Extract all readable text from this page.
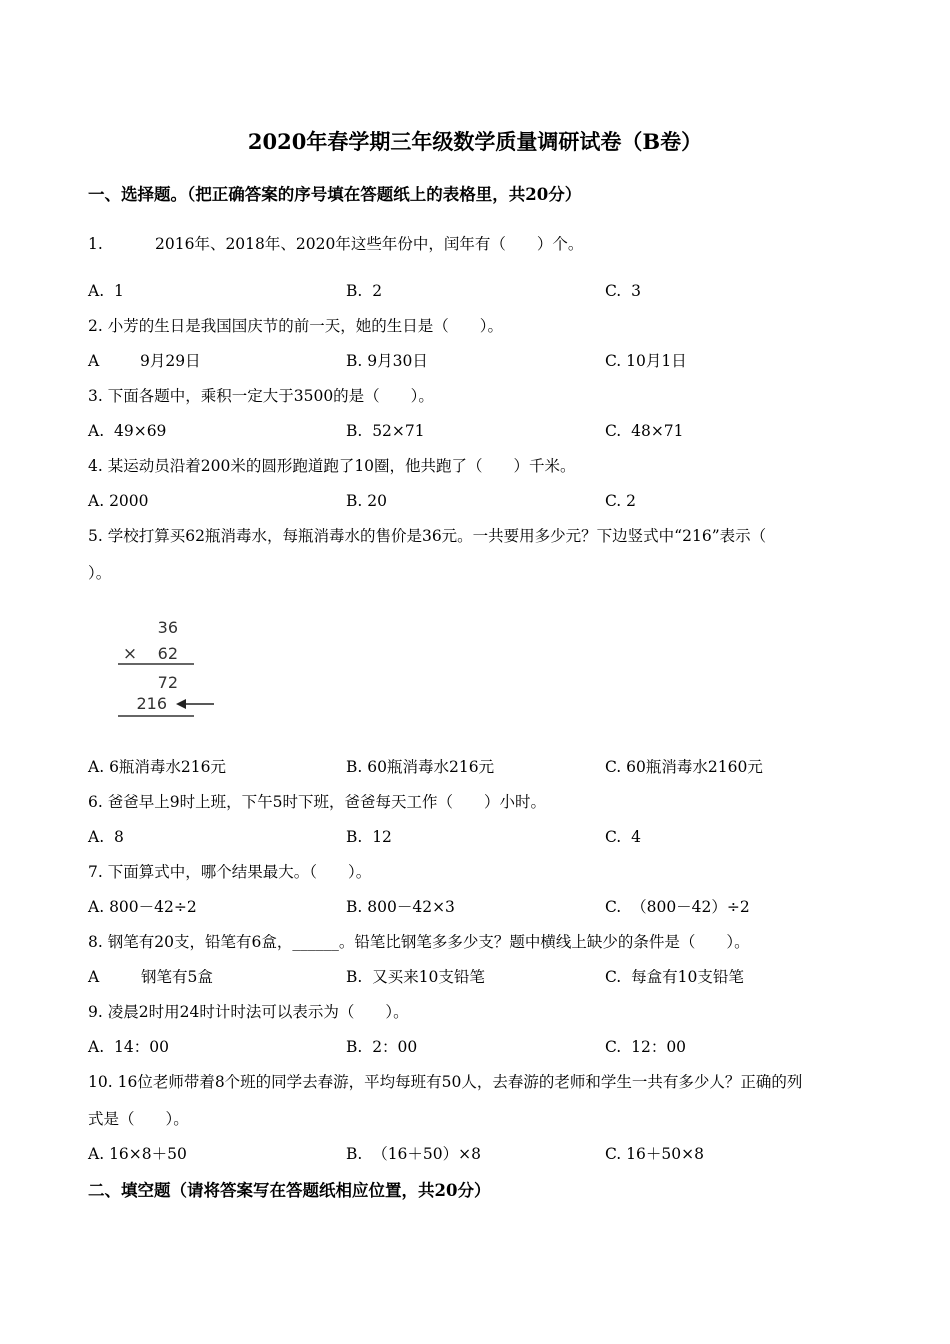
2020年春学期三年级数学质量调研试卷（B卷）
一、选择题。（把正确答案的序号填在答题纸上的表格里，共20分）
1.	2016年、2018年、2020年这些年份中，闰年有（　　）个。
A. 1	B. 2	C. 3
2. 小芳的生日是我国国庆节的前一天，她的生日是（　　）。
A	9月29日	B. 9月30日	C. 10月1日
3. 下面各题中，乘积一定大于3500的是（　　）。
A. 49×69	B. 52×71	C. 48×71
4. 某运动员沿着200米的圆形跑道跑了10圈，他共跑了（　　）千米。
A. 2000	B. 20	C. 2
5. 学校打算买62瓶消毒水，每瓶消毒水的售价是36元。一共要用多少元？下边竖式中“216”表示（
）。
36
× 62
72
216
A. 6瓶消毒水216元	B. 60瓶消毒水216元	C. 60瓶消毒水2160元
6. 爸爸早上9时上班，下午5时下班，爸爸每天工作（　　）小时。
A. 8	B. 12	C. 4
7. 下面算式中，哪个结果最大。（　　）。
A. 800－42÷2	B. 800－42×3	C. （800－42）÷2
8. 钢笔有20支，铅笔有6盒，______。铅笔比钢笔多多少支？题中横线上缺少的条件是（　　）。
A	钢笔有5盒	B. 又买来10支铅笔	C. 每盒有10支铅笔
9. 凌晨2时用24时计时法可以表示为（　　）。
A. 14：00	B. 2：00	C. 12：00
10. 16位老师带着8个班的同学去春游，平均每班有50人，去春游的老师和学生一共有多少人？正确的列
式是（　　）。
A. 16×8＋50	B. （16＋50）×8	C. 16＋50×8
二、填空题（请将答案写在答题纸相应位置，共20分）
